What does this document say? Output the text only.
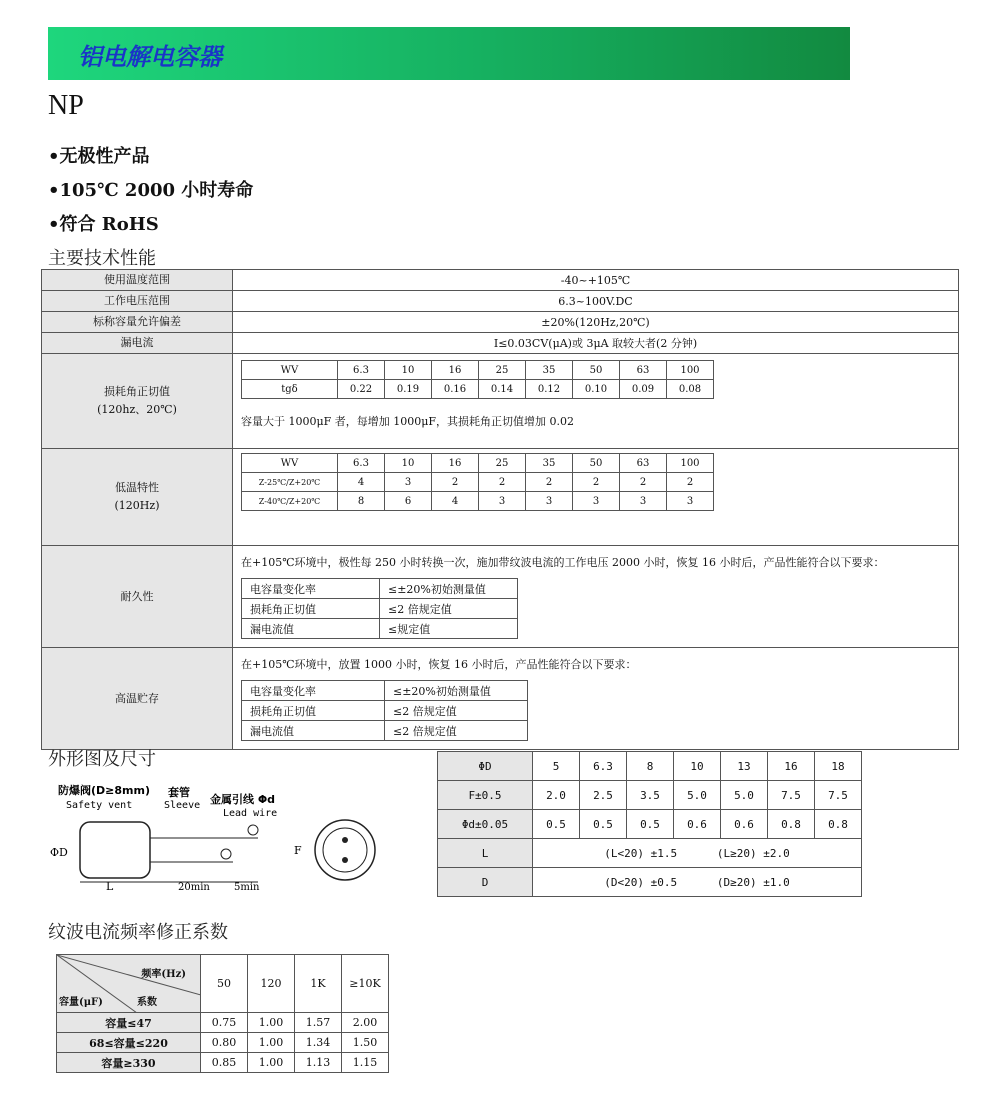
铝电解电容器
NP
•无极性产品
•105℃ 2000 小时寿命
•符合 RoHS
主要技术性能
使用温度范围	-40~+105℃
工作电压范围	6.3~100V.DC
标称容量允许偏差	±20%(120Hz,20℃)
漏电流	I≤0.03CV(μA)或 3μA 取较大者(2 分钟)

损耗角正切值
(120hz、20℃)

WV	6.3	10	16	25	35	50	63	100
tgδ	0.22	0.19	0.16	0.14	0.12	0.10	0.09	0.08
容量大于 1000μF 者，每增加 1000μF，其损耗角正切值增加 0.02

低温特性
(120Hz)

WV	6.3	10	16	25	35	50	63	100
Z-25℃/Z+20℃	4	3	2	2	2	2	2	2
Z-40℃/Z+20℃	8	6	4	3	3	3	3	3

耐久性	
在+105℃环境中，极性每 250 小时转换一次，施加带纹波电流的工作电压 2000 小时，恢复 16 小时后，产品性能符合以下要求：
电容量变化率	≤±20%初始测量值
损耗角正切值	≤2 倍规定值
漏电流值	≤规定值

高温贮存	
在+105℃环境中，放置 1000 小时，恢复 16 小时后，产品性能符合以下要求：
电容量变化率	≤±20%初始测量值
损耗角正切值	≤2 倍规定值
漏电流值	≤2 倍规定值
外形图及尺寸
防爆阀(D≥8mm)
Safety vent
套管
Sleeve 金属引线 Φd
Lead wire
ΦD
L	20min 5min
F
ΦD	5	6.3	8	10	13	16	18
F±0.5	2.0	2.5	3.5	5.0	5.0	7.5	7.5
Φd±0.05	0.5	0.5	0.5	0.6	0.6	0.8	0.8
L	(L<20) ±1.5      (L≥20) ±2.0						
D	(D<20) ±0.5      (D≥20) ±1.0						
纹波电流频率修正系数
频率(Hz)
容量(μF) 系数	50	120	1K	≥10K
容量≤47	0.75	1.00	1.57	2.00
68≤容量≤220	0.80	1.00	1.34	1.50
容量≥330	0.85	1.00	1.13	1.15
